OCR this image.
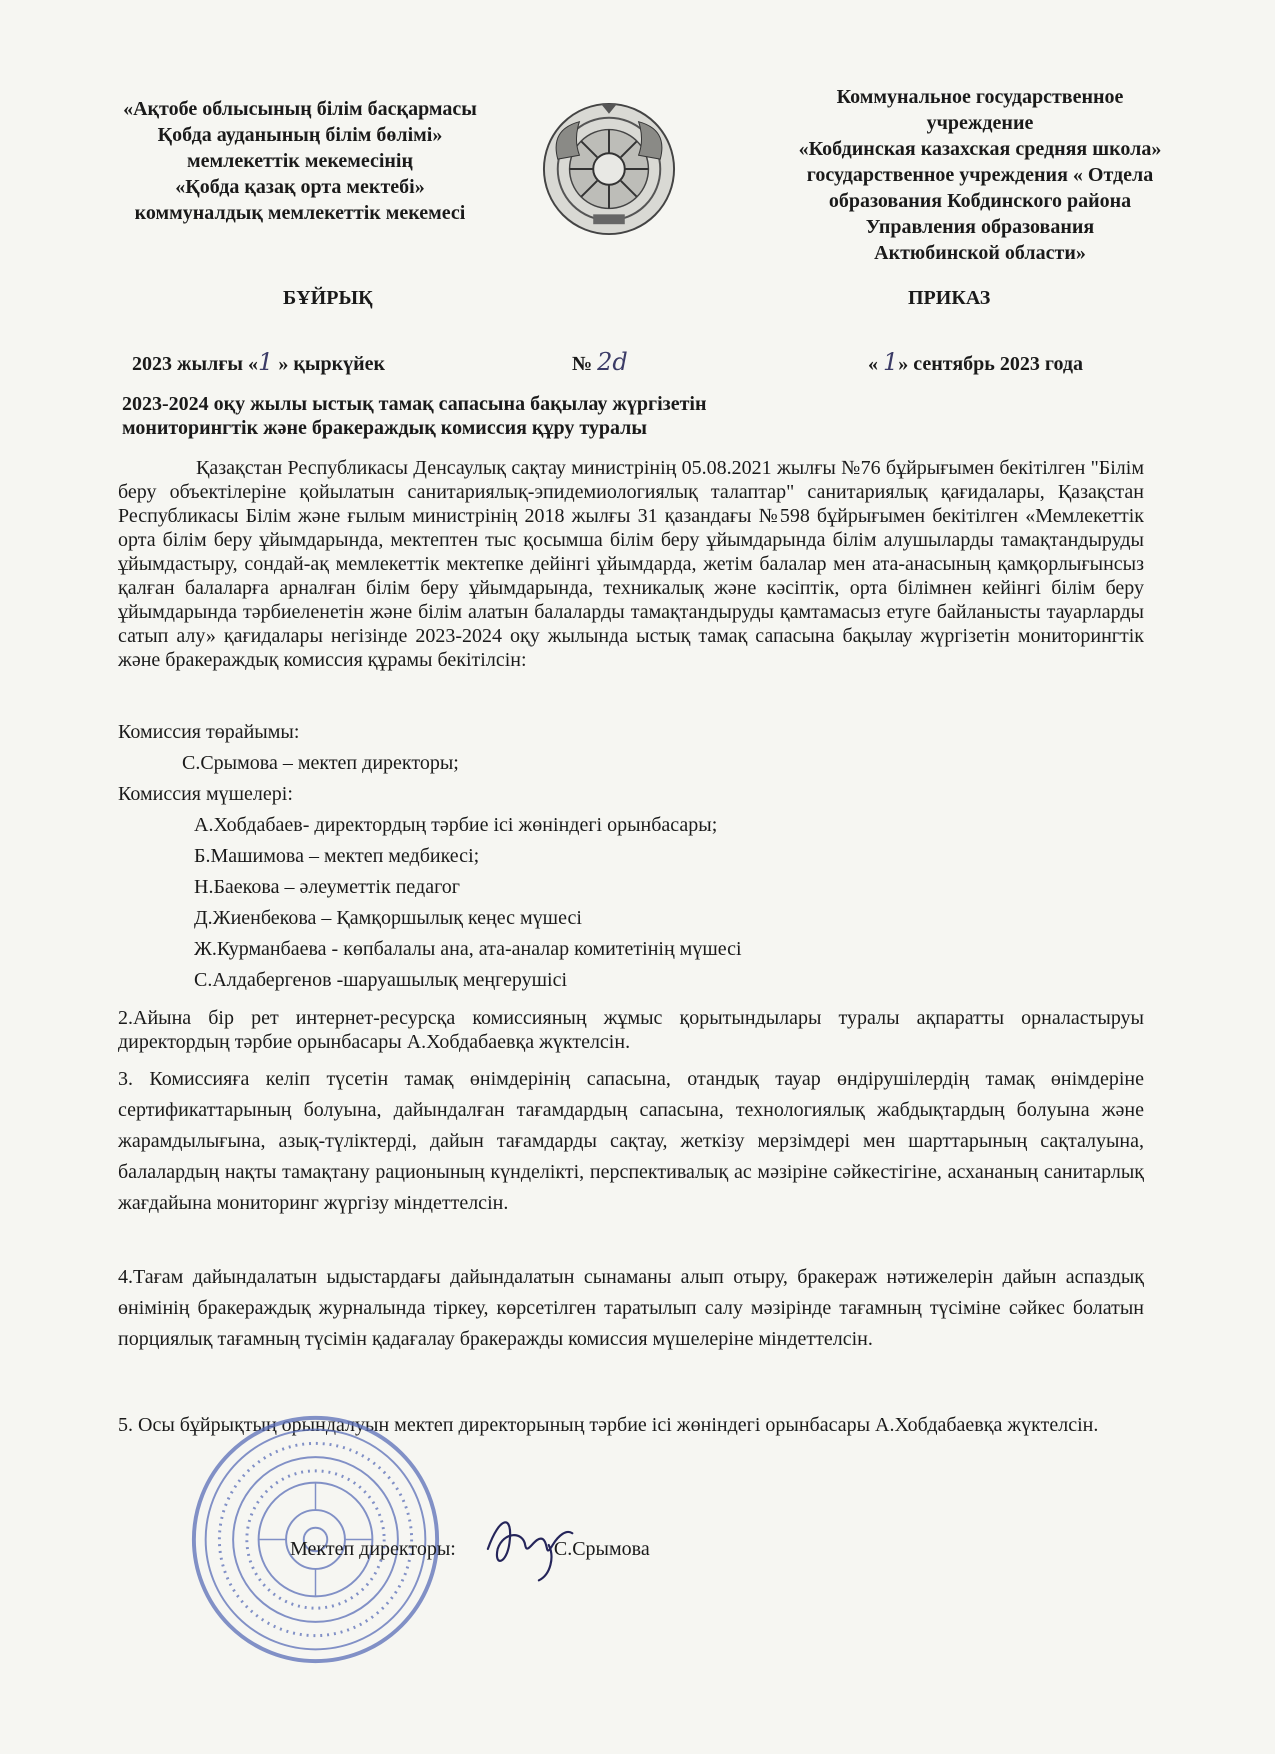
«Ақтобе облысының білім басқармасы
Қобда ауданының білім бөлімі»
мемлекеттік мекемесінің
«Қобда қазақ орта мектебі»
коммуналдық мемлекеттік мекемесі
Коммунальное государственное
учреждение
«Кобдинская казахская средняя школа»
государственное учреждения « Отдела
образования Кобдинского района
Управления образования
Актюбинской области»
БҰЙРЫҚ	ПРИКАЗ
2023 жылғы «1 » қыркүйек	№ 2d	« 1» сентябрь 2023 года
2023-2024 оқу жылы ыстық тамақ сапасына бақылау жүргізетін
мониторингтік және бракераждық комиссия құру туралы
Қазақстан Республикасы Денсаулық сақтау министрінің 05.08.2021 жылғы №76 бұйрығымен бекітілген "Білім беру объектілеріне қойылатын санитариялық-эпидемиологиялық талаптар" санитариялық қағидалары, Қазақстан Республикасы Білім және ғылым министрінің 2018 жылғы 31 қазандағы №598 бұйрығымен бекітілген «Мемлекеттік орта білім беру ұйымдарында, мектептен тыс қосымша білім беру ұйымдарында білім алушыларды тамақтандыруды ұйымдастыру, сондай-ақ мемлекеттік мектепке дейінгі ұйымдарда, жетім балалар мен ата-анасының қамқорлығынсыз қалған балаларға арналған білім беру ұйымдарында, техникалық және кәсіптік, орта білімнен кейінгі білім беру ұйымдарында тәрбиеленетін және білім алатын балаларды тамақтандыруды қамтамасыз етуге байланысты тауарларды сатып алу» қағидалары негізінде 2023-2024 оқу жылында ыстық тамақ сапасына бақылау жүргізетін мониторингтік және бракераждық комиссия құрамы бекітілсін:
Комиссия төрайымы:

С.Срымова – мектеп директоры;

Комиссия мүшелері:

А.Хобдабаев- директордың тәрбие ісі жөніндегі орынбасары;

Б.Машимова – мектеп медбикесі;

Н.Баекова – әлеуметтік педагог

Д.Жиенбекова – Қамқоршылық кеңес мүшесі

Ж.Курманбаева - көпбалалы ана, ата-аналар комитетінің мүшесі

С.Алдабергенов -шаруашылық меңгерушісі

2.Айына бір рет интернет-ресурсқа комиссияның жұмыс қорытындылары туралы ақпаратты орналастыруы директордың тәрбие орынбасары А.Хобдабаевқа жүктелсін.

3. Комиссияға келіп түсетін тамақ өнімдерінің сапасына, отандық тауар өндірушілердің тамақ өнімдеріне сертификаттарының болуына, дайындалған тағамдардың сапасына, технологиялық жабдықтардың болуына және жарамдылығына, азық-түліктерді, дайын тағамдарды сақтау, жеткізу мерзімдері мен шарттарының сақталуына, балалардың нақты тамақтану рационының күнделікті, перспективалық ас мәзіріне сәйкестігіне, асхананың санитарлық жағдайына мониторинг жүргізу міндеттелсін.

4.Тағам дайындалатын ыдыстардағы дайындалатын сынаманы алып отыру, бракераж нәтижелерін дайын аспаздық өнімінің бракераждық журналында тіркеу, көрсетілген таратылып салу мәзірінде тағамның түсіміне сәйкес болатын порциялық тағамның түсімін қадағалау бракеражды комиссия мүшелеріне міндеттелсін.

5. Осы бұйрықтың орындалуын мектеп директорының тәрбие ісі жөніндегі орынбасары А.Хобдабаевқа жүктелсін.

Мектеп директоры:	С.Срымова
